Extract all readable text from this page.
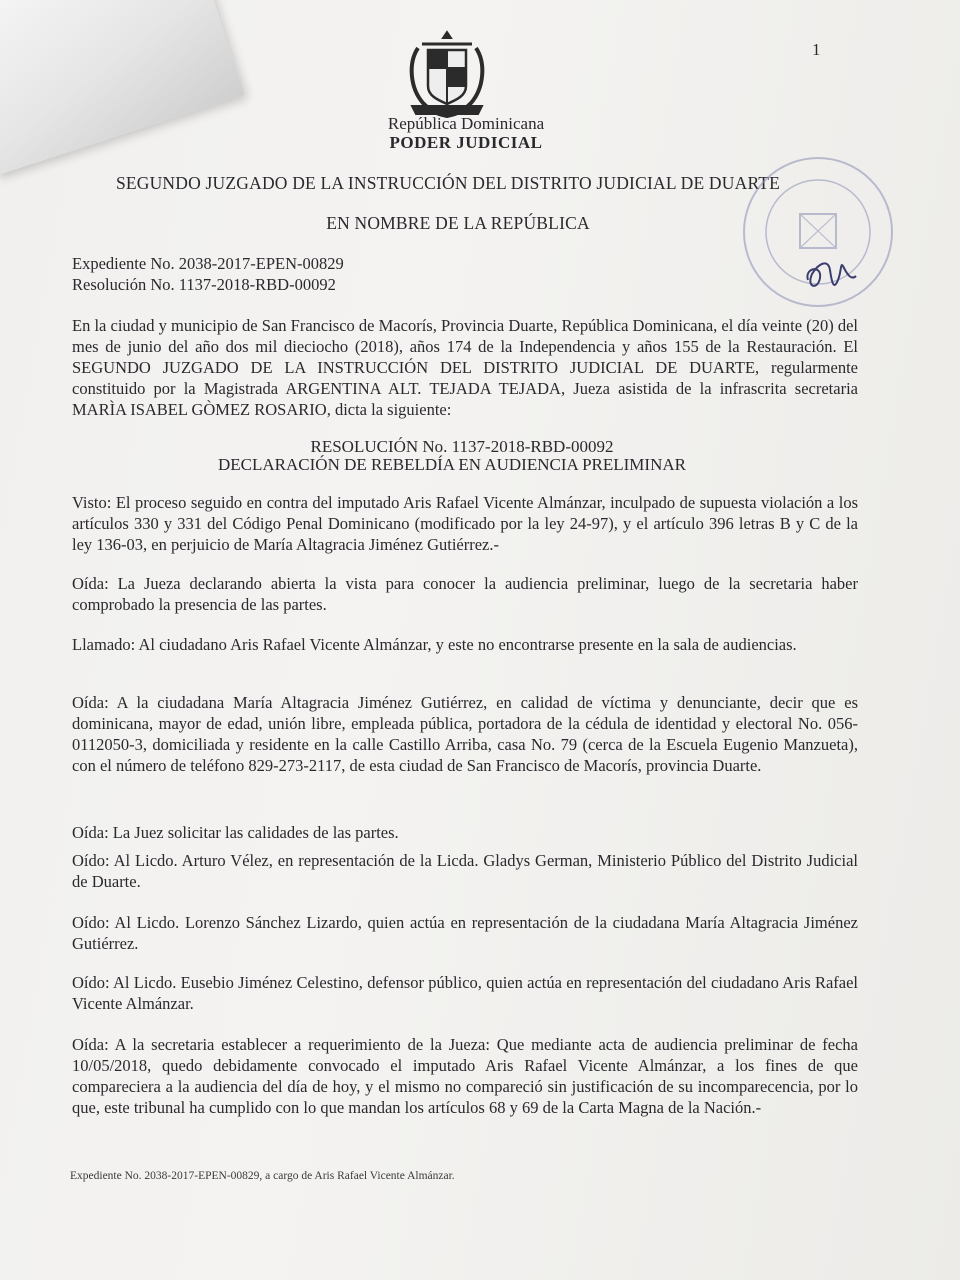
1
República Dominicana
PODER JUDICIAL
SEGUNDO JUZGADO DE LA INSTRUCCIÓN DEL DISTRITO JUDICIAL DE DUARTE
EN NOMBRE DE LA REPÚBLICA

Expediente No. 2038-2017-EPEN-00829

Resolución No. 1137-2018-RBD-00092

En la ciudad y municipio de San Francisco de Macorís, Provincia Duarte, República Dominicana, el día veinte (20) del mes de junio del año dos mil dieciocho (2018), años 174 de la Independencia y años 155 de la Restauración. El SEGUNDO JUZGADO DE LA INSTRUCCIÓN DEL DISTRITO JUDICIAL DE DUARTE, regularmente constituido por la Magistrada ARGENTINA ALT. TEJADA TEJADA, Jueza asistida de la infrascrita secretaria MARÌA ISABEL GÒMEZ ROSARIO, dicta la siguiente:

RESOLUCIÓN No. 1137-2018-RBD-00092
DECLARACIÓN DE REBELDÍA EN AUDIENCIA PRELIMINAR

Visto: El proceso seguido en contra del imputado Aris Rafael Vicente Almánzar, inculpado de supuesta violación a los artículos 330 y 331 del Código Penal Dominicano (modificado por la ley 24-97), y el artículo 396 letras B y C de la ley 136-03, en perjuicio de María Altagracia Jiménez Gutiérrez.-

Oída: La Jueza declarando abierta la vista para conocer la audiencia preliminar, luego de la secretaria haber comprobado la presencia de las partes.

Llamado: Al ciudadano Aris Rafael Vicente Almánzar, y este no encontrarse presente en la sala de audiencias.

Oída: A la ciudadana María Altagracia Jiménez Gutiérrez, en calidad de víctima y denunciante, decir que es dominicana, mayor de edad, unión libre, empleada pública, portadora de la cédula de identidad y electoral No. 056-0112050-3, domiciliada y residente en la calle Castillo Arriba, casa No. 79 (cerca de la Escuela Eugenio Manzueta), con el número de teléfono 829-273-2117, de esta ciudad de San Francisco de Macorís, provincia Duarte.

Oída: La Juez solicitar las calidades de las partes.

Oído: Al Licdo. Arturo Vélez, en representación de la Licda. Gladys German, Ministerio Público del Distrito Judicial de Duarte.

Oído: Al Licdo. Lorenzo Sánchez Lizardo, quien actúa en representación de la ciudadana María Altagracia Jiménez Gutiérrez.

Oído: Al Licdo. Eusebio Jiménez Celestino, defensor público, quien actúa en representación del ciudadano Aris Rafael Vicente Almánzar.

Oída: A la secretaria establecer a requerimiento de la Jueza: Que mediante acta de audiencia preliminar de fecha 10/05/2018, quedo debidamente convocado el imputado Aris Rafael Vicente Almánzar, a los fines de que compareciera a la audiencia del día de hoy, y el mismo no compareció sin justificación de su incomparecencia, por lo que, este tribunal ha cumplido con lo que mandan los artículos 68 y 69 de la Carta Magna de la Nación.-

Expediente No. 2038-2017-EPEN-00829, a cargo de Aris Rafael Vicente Almánzar.
